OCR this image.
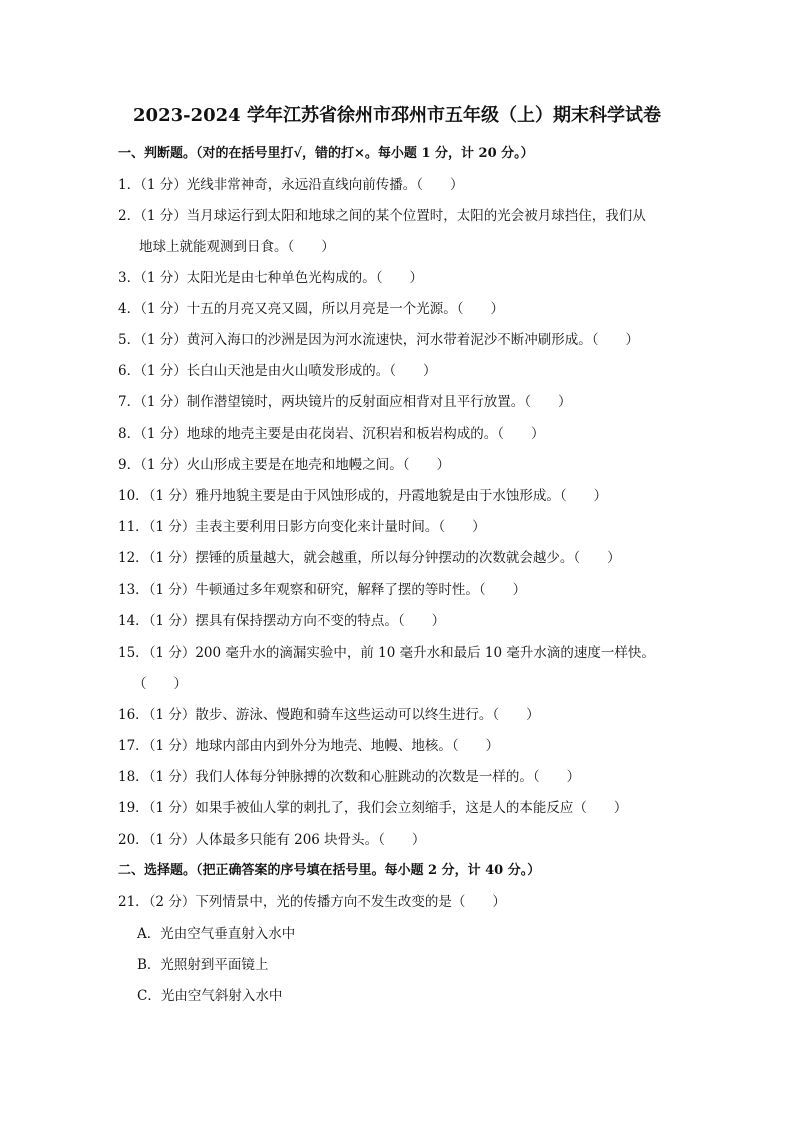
2023-2024 学年江苏省徐州市邳州市五年级（上）期末科学试卷
一、判断题。（对的在括号里打√，错的打×。每小题 1 分，计 20 分。）
1．（1 分）光线非常神奇，永远沿直线向前传播。（　　）
2．（1 分）当月球运行到太阳和地球之间的某个位置时，太阳的光会被月球挡住，我们从
地球上就能观测到日食。（　　）
3．（1 分）太阳光是由七种单色光构成的。（　　）
4．（1 分）十五的月亮又亮又圆，所以月亮是一个光源。（　　）
5．（1 分）黄河入海口的沙洲是因为河水流速快，河水带着泥沙不断冲刷形成。（　　）
6．（1 分）长白山天池是由火山喷发形成的。（　　）
7．（1 分）制作潜望镜时，两块镜片的反射面应相背对且平行放置。（　　）
8．（1 分）地球的地壳主要是由花岗岩、沉积岩和板岩构成的。（　　）
9．（1 分）火山形成主要是在地壳和地幔之间。（　　）
10．（1 分）雅丹地貌主要是由于风蚀形成的，丹霞地貌是由于水蚀形成。（　　）
11．（1 分）圭表主要利用日影方向变化来计量时间。（　　）
12．（1 分）摆锤的质量越大，就会越重，所以每分钟摆动的次数就会越少。（　　）
13．（1 分）牛顿通过多年观察和研究，解释了摆的等时性。（　　）
14．（1 分）摆具有保持摆动方向不变的特点。（　　）
15．（1 分）200 毫升水的滴漏实验中，前 10 毫升水和最后 10 毫升水滴的速度一样快。
（　　）
16．（1 分）散步、游泳、慢跑和骑车这些运动可以终生进行。（　　）
17．（1 分）地球内部由内到外分为地壳、地幔、地核。（　　）
18．（1 分）我们人体每分钟脉搏的次数和心脏跳动的次数是一样的。（　　）
19．（1 分）如果手被仙人掌的刺扎了，我们会立刻缩手，这是人的本能反应（　　）
20．（1 分）人体最多只能有 206 块骨头。（　　）
二、选择题。（把正确答案的序号填在括号里。每小题 2 分，计 40 分。）
21．（2 分）下列情景中，光的传播方向不发生改变的是（　　）
A．光由空气垂直射入水中
B．光照射到平面镜上
C．光由空气斜射入水中
